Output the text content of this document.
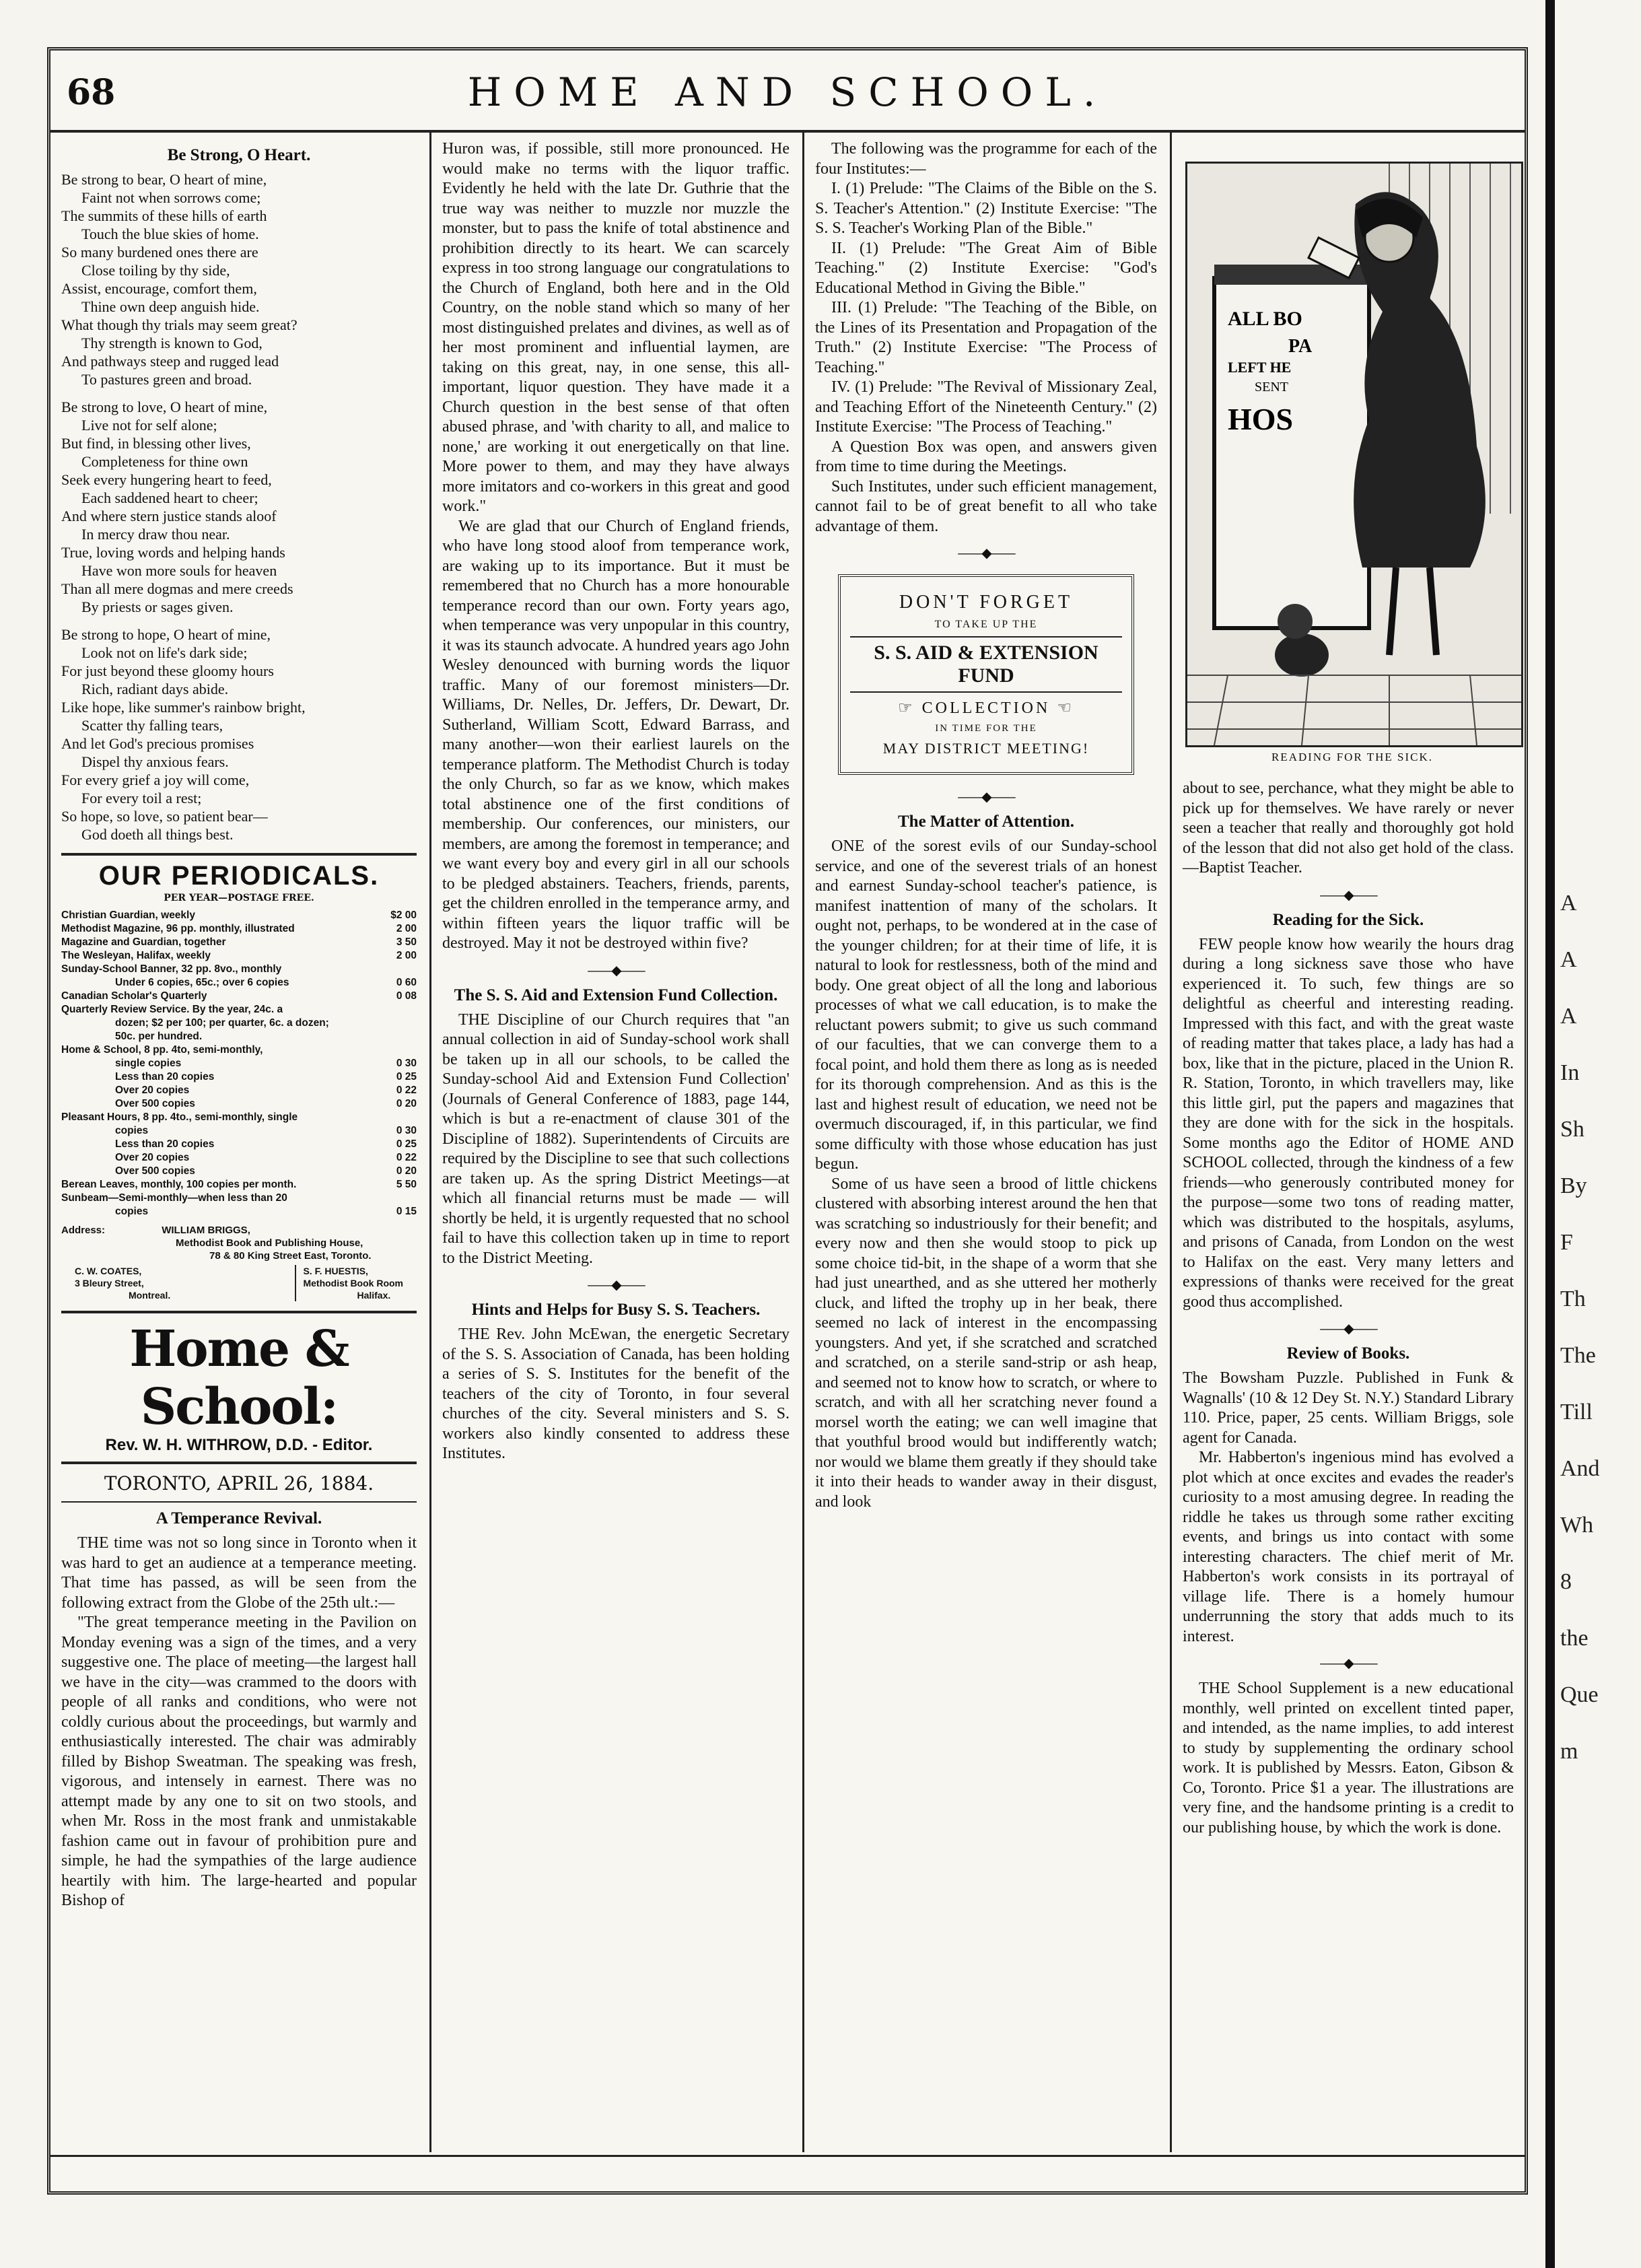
A
A
A
In
Sh
By
F
Th
The
Till
And
Wh
8
the
Que
m
68	HOME AND SCHOOL.
Be Strong, O Heart.
Be strong to bear, O heart of mine,
Faint not when sorrows come;
The summits of these hills of earth
Touch the blue skies of home.
So many burdened ones there are
Close toiling by thy side,
Assist, encourage, comfort them,
Thine own deep anguish hide.
What though thy trials may seem great?
Thy strength is known to God,
And pathways steep and rugged lead
To pastures green and broad.
Be strong to love, O heart of mine,
Live not for self alone;
But find, in blessing other lives,
Completeness for thine own
Seek every hungering heart to feed,
Each saddened heart to cheer;
And where stern justice stands aloof
In mercy draw thou near.
True, loving words and helping hands
Have won more souls for heaven
Than all mere dogmas and mere creeds
By priests or sages given.
Be strong to hope, O heart of mine,
Look not on life's dark side;
For just beyond these gloomy hours
Rich, radiant days abide.
Like hope, like summer's rainbow bright,
Scatter thy falling tears,
And let God's precious promises
Dispel thy anxious fears.
For every grief a joy will come,
For every toil a rest;
So hope, so love, so patient bear—
God doeth all things best.
OUR PERIODICALS.
PER YEAR—POSTAGE FREE.
Christian Guardian, weekly	$2 00
Methodist Magazine, 96 pp. monthly, illustrated	2 00
Magazine and Guardian, together	3 50
The Wesleyan, Halifax, weekly	2 00
Sunday-School Banner, 32 pp. 8vo., monthly
Under 6 copies, 65c.; over 6 copies	0 60
Canadian Scholar's Quarterly	0 08
Quarterly Review Service. By the year, 24c. a
dozen; $2 per 100; per quarter, 6c. a dozen;
50c. per hundred.
Home & School, 8 pp. 4to, semi-monthly,
single copies	0 30
Less than 20 copies	0 25
Over 20 copies	0 22
Over 500 copies	0 20
Pleasant Hours, 8 pp. 4to., semi-monthly, single
copies	0 30
Less than 20 copies	0 25
Over 20 copies	0 22
Over 500 copies	0 20
Berean Leaves, monthly, 100 copies per month.	5 50
Sunbeam—Semi-monthly—when less than 20
copies	0 15
Address:	WILLIAM BRIGGS,
Methodist Book and Publishing House,
78 & 80 King Street East, Toronto.
C. W. COATES,
3 Bleury Street,
Montreal.
S. F. HUESTIS,
Methodist Book Room
Halifax.
Home & School:
Rev. W. H. WITHROW, D.D. - Editor.
TORONTO, APRIL 26, 1884.
A Temperance Revival.

THE time was not so long since in Toronto when it was hard to get an audience at a temperance meeting. That time has passed, as will be seen from the following extract from the Globe of the 25th ult.:—

"The great temperance meeting in the Pavilion on Monday evening was a sign of the times, and a very suggestive one. The place of meeting—the largest hall we have in the city—was crammed to the doors with people of all ranks and conditions, who were not coldly curious about the proceedings, but warmly and enthusiastically interested. The chair was admirably filled by Bishop Sweatman. The speaking was fresh, vigorous, and intensely in earnest. There was no attempt made by any one to sit on two stools, and when Mr. Ross in the most frank and unmistakable fashion came out in favour of prohibition pure and simple, he had the sympathies of the large audience heartily with him. The large-hearted and popular Bishop of

Huron was, if possible, still more pronounced. He would make no terms with the liquor traffic. Evidently he held with the late Dr. Guthrie that the true way was neither to muzzle nor muzzle the monster, but to pass the knife of total abstinence and prohibition directly to its heart. We can scarcely express in too strong language our congratulations to the Church of England, both here and in the Old Country, on the noble stand which so many of her most distinguished prelates and divines, as well as of her most prominent and influential laymen, are taking on this great, nay, in one sense, this all-important, liquor question. They have made it a Church question in the best sense of that often abused phrase, and 'with charity to all, and malice to none,' are working it out energetically on that line. More power to them, and may they have always more imitators and co-workers in this great and good work."

We are glad that our Church of England friends, who have long stood aloof from temperance work, are waking up to its importance. But it must be remembered that no Church has a more honourable temperance record than our own. Forty years ago, when temperance was very unpopular in this country, it was its staunch advocate. A hundred years ago John Wesley denounced with burning words the liquor traffic. Many of our foremost ministers—Dr. Williams, Dr. Nelles, Dr. Jeffers, Dr. Dewart, Dr. Sutherland, William Scott, Edward Barrass, and many another—won their earliest laurels on the temperance platform. The Methodist Church is today the only Church, so far as we know, which makes total abstinence one of the first conditions of membership. Our conferences, our ministers, our members, are among the foremost in temperance; and we want every boy and every girl in all our schools to be pledged abstainers. Teachers, friends, parents, get the children enrolled in the temperance army, and within fifteen years the liquor traffic will be destroyed. May it not be destroyed within five?

——◆——
The S. S. Aid and Extension Fund Collection.

THE Discipline of our Church requires that "an annual collection in aid of Sunday-school work shall be taken up in all our schools, to be called the Sunday-school Aid and Extension Fund Collection' (Journals of General Conference of 1883, page 144, which is but a re-enactment of clause 301 of the Discipline of 1882). Superintendents of Circuits are required by the Discipline to see that such collections are taken up. As the spring District Meetings—at which all financial returns must be made — will shortly be held, it is urgently requested that no school fail to have this collection taken up in time to report to the District Meeting.

——◆——
Hints and Helps for Busy S. S. Teachers.

THE Rev. John McEwan, the energetic Secretary of the S. S. Association of Canada, has been holding a series of S. S. Institutes for the benefit of the teachers of the city of Toronto, in four several churches of the city. Several ministers and S. S. workers also kindly consented to address these Institutes.

The following was the programme for each of the four Institutes:—

I. (1) Prelude: "The Claims of the Bible on the S. S. Teacher's Attention." (2) Institute Exercise: "The S. S. Teacher's Working Plan of the Bible."

II. (1) Prelude: "The Great Aim of Bible Teaching." (2) Institute Exercise: "God's Educational Method in Giving the Bible."

III. (1) Prelude: "The Teaching of the Bible, on the Lines of its Presentation and Propagation of the Truth." (2) Institute Exercise: "The Process of Teaching."

IV. (1) Prelude: "The Revival of Missionary Zeal, and Teaching Effort of the Nineteenth Century." (2) Institute Exercise: "The Process of Teaching."

A Question Box was open, and answers given from time to time during the Meetings.

Such Institutes, under such efficient management, cannot fail to be of great benefit to all who take advantage of them.

——◆——
DON'T FORGET
TO TAKE UP THE
S. S. AID & EXTENSION FUND
☞ COLLECTION ☜
IN TIME FOR THE
MAY DISTRICT MEETING!
——◆——
The Matter of Attention.

ONE of the sorest evils of our Sunday-school service, and one of the severest trials of an honest and earnest Sunday-school teacher's patience, is manifest inattention of many of the scholars. It ought not, perhaps, to be wondered at in the case of the younger children; for at their time of life, it is natural to look for restlessness, both of the mind and body. One great object of all the long and laborious processes of what we call education, is to make the reluctant powers submit; to give us such command of our faculties, that we can converge them to a focal point, and hold them there as long as is needed for its thorough comprehension. And as this is the last and highest result of education, we need not be overmuch discouraged, if, in this particular, we find some difficulty with those whose education has just begun.

Some of us have seen a brood of little chickens clustered with absorbing interest around the hen that was scratching so industriously for their benefit; and every now and then she would stoop to pick up some choice tid-bit, in the shape of a worm that she had just unearthed, and as she uttered her motherly cluck, and lifted the trophy up in her beak, there seemed no lack of interest in the encompassing youngsters. And yet, if she scratched and scratched and scratched, on a sterile sand-strip or ash heap, and seemed not to know how to scratch, or where to scratch, and with all her scratching never found a morsel worth the eating; we can well imagine that that youthful brood would but indifferently watch; nor would we blame them greatly if they should take it into their heads to wander away in their disgust, and look

about to see, perchance, what they might be able to pick up for themselves. We have rarely or never seen a teacher that really and thoroughly got hold of the lesson that did not also get hold of the class.—Baptist Teacher.

——◆——
Reading for the Sick.

FEW people know how wearily the hours drag during a long sickness save those who have experienced it. To such, few things are so delightful as cheerful and interesting reading. Impressed with this fact, and with the great waste of reading matter that takes place, a lady has had a box, like that in the picture, placed in the Union R. R. Station, Toronto, in which travellers may, like this little girl, put the papers and magazines that they are done with for the sick in the hospitals. Some months ago the Editor of HOME AND SCHOOL collected, through the kindness of a few friends—who generously contributed money for the purpose—some two tons of reading matter, which was distributed to the hospitals, asylums, and prisons of Canada, from London on the west to Halifax on the east. Very many letters and expressions of thanks were received for the great good thus accomplished.

——◆——
Review of Books.

The Bowsham Puzzle. Published in Funk & Wagnalls' (10 & 12 Dey St. N.Y.) Standard Library 110. Price, paper, 25 cents. William Briggs, sole agent for Canada.

Mr. Habberton's ingenious mind has evolved a plot which at once excites and evades the reader's curiosity to a most amusing degree. In reading the riddle he takes us through some rather exciting events, and brings us into contact with some interesting characters. The chief merit of Mr. Habberton's work consists in its portrayal of village life. There is a homely humour underrunning the story that adds much to its interest.

——◆——

THE School Supplement is a new educational monthly, well printed on excellent tinted paper, and intended, as the name implies, to add interest to study by supplementing the ordinary school work. It is published by Messrs. Eaton, Gibson & Co, Toronto. Price $1 a year. The illustrations are very fine, and the handsome printing is a credit to our publishing house, by which the work is done.

ALL BO
PA
LEFT HE
SENT
HOS
READING FOR THE SICK.
